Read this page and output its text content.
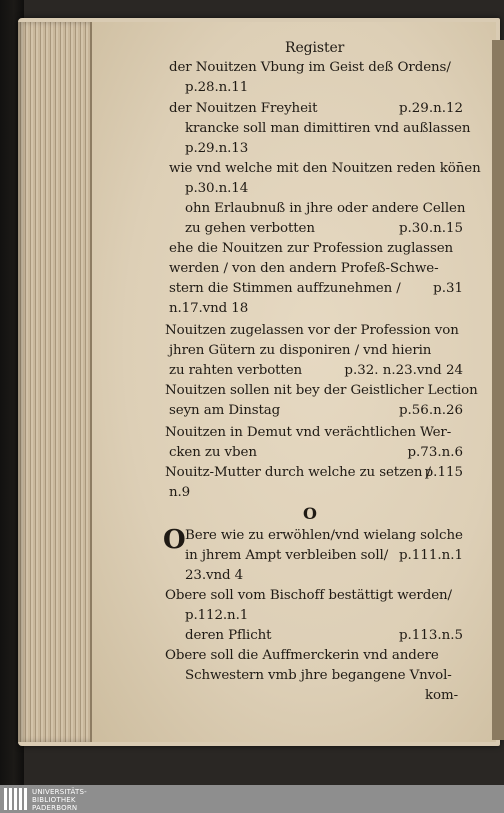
Register
der Nouitzen Vbung im Geist deß Ordens/
p.28.n.11
der Nouitzen Freyheit	p.29.n.12
krancke soll man dimittiren vnd außlassen
p.29.n.13
wie vnd welche mit den Nouitzen reden kön̄en
p.30.n.14
ohn Erlaubnuß in jhre oder andere Cellen
zu gehen verbotten	p.30.n.15
ehe die Nouitzen zur Profession zuglassen
werden / von den andern Profeß-Schwe-
stern die Stimmen auffzunehmen / p.31
n.17.vnd 18
Nouitzen zugelassen vor der Profession von
jhren Gütern zu disponiren / vnd hierin
zu rahten verbotten	p.32. n.23.vnd 24
Nouitzen sollen nit bey der Geistlicher Lection
seyn am Dinstag	p.56.n.26
Nouitzen in Demut vnd verächtlichen Wer-
cken zu vben	p.73.n.6
Nouitz-Mutter durch welche zu setzen /
p.115
n.9
O
O Bere wie zu erwöhlen/vnd wielang solche
in jhrem Ampt verbleiben soll/ p.111.n.1
23.vnd 4
Obere soll vom Bischoff bestättigt werden/
p.112.n.1
deren Pflicht	p.113.n.5
Obere soll die Auffmerckerin vnd andere
Schwestern vmb jhre begangene Vnvol-
kom-
UNIVERSITÄTS-
BIBLIOTHEK
PADERBORN
